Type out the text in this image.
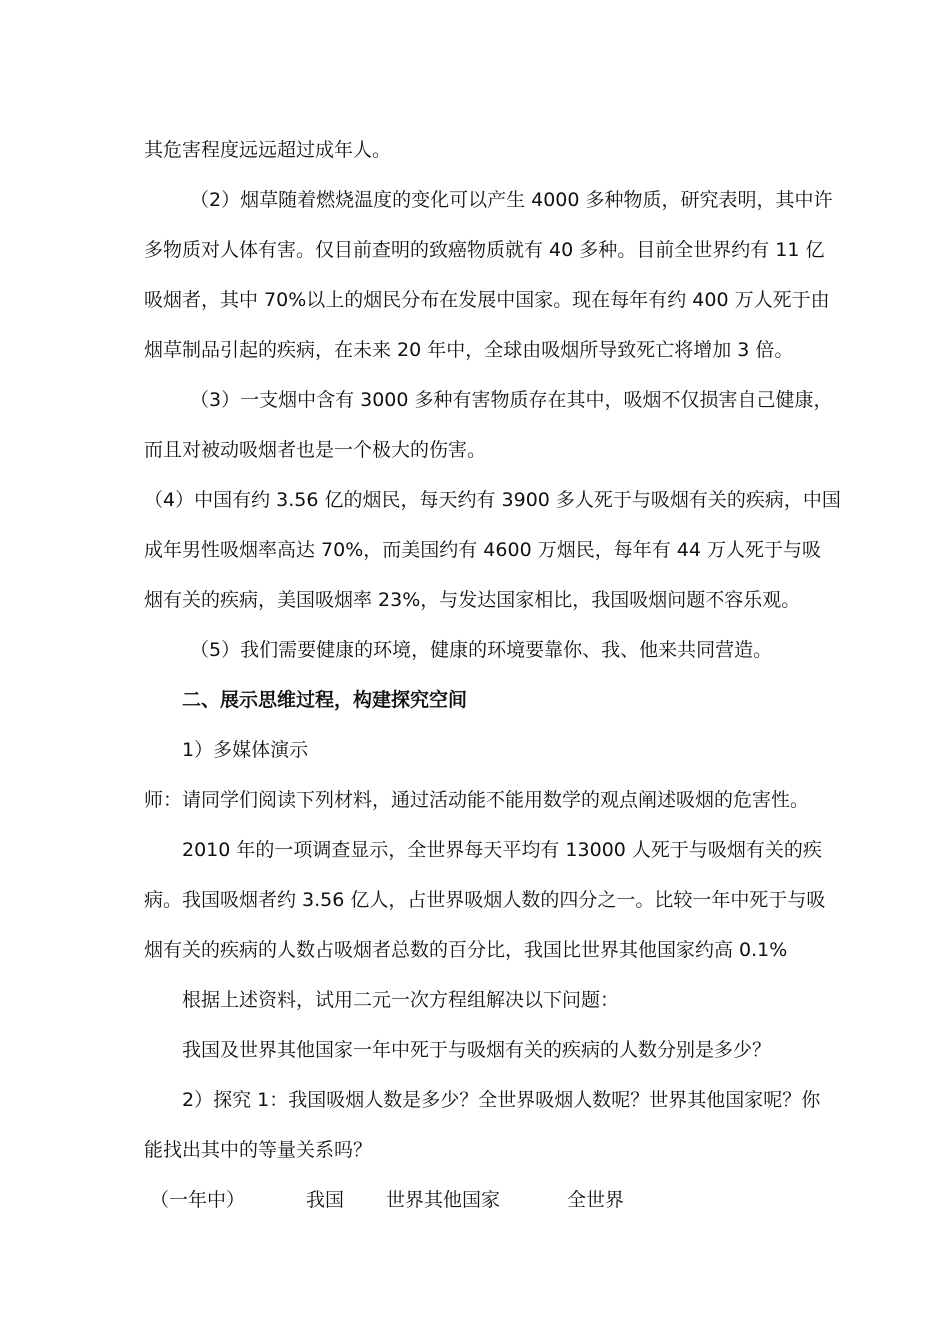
其危害程度远远超过成年人。
（2）烟草随着燃烧温度的变化可以产生 4000 多种物质，研究表明，其中许
多物质对人体有害。仅目前查明的致癌物质就有 40 多种。目前全世界约有 11 亿
吸烟者，其中 70%以上的烟民分布在发展中国家。现在每年有约 400 万人死于由
烟草制品引起的疾病，在未来 20 年中，全球由吸烟所导致死亡将增加 3 倍。
（3）一支烟中含有 3000 多种有害物质存在其中，吸烟不仅损害自己健康，
而且对被动吸烟者也是一个极大的伤害。
（4）中国有约 3.56 亿的烟民，每天约有 3900 多人死于与吸烟有关的疾病，中国
成年男性吸烟率高达 70%，而美国约有 4600 万烟民，每年有 44 万人死于与吸
烟有关的疾病，美国吸烟率 23%，与发达国家相比，我国吸烟问题不容乐观。
（5）我们需要健康的环境，健康的环境要靠你、我、他来共同营造。
二、展示思维过程，构建探究空间
1）多媒体演示
师：请同学们阅读下列材料，通过活动能不能用数学的观点阐述吸烟的危害性。
2010 年的一项调查显示，全世界每天平均有 13000 人死于与吸烟有关的疾
病。我国吸烟者约 3.56 亿人，占世界吸烟人数的四分之一。比较一年中死于与吸
烟有关的疾病的人数占吸烟者总数的百分比，我国比世界其他国家约高 0.1%
根据上述资料，试用二元一次方程组解决以下问题：
我国及世界其他国家一年中死于与吸烟有关的疾病的人数分别是多少？
2）探究 1：我国吸烟人数是多少？全世界吸烟人数呢？世界其他国家呢？你
能找出其中的等量关系吗？
（一年中）	我国 世界其他国家	全世界
